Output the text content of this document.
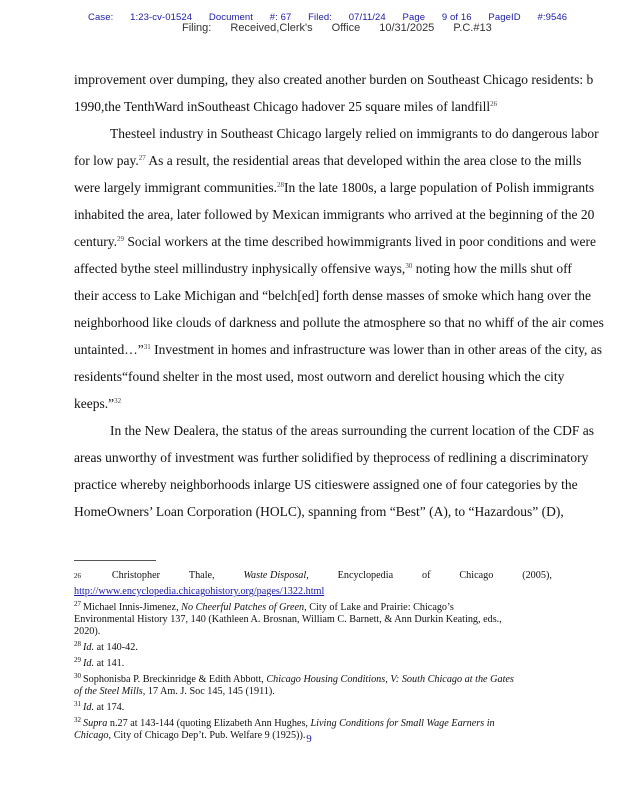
Case: 1:23-cv-01524 Document #: 67 Filed: 07/11/24 Page 9 of 16 PageID #:9546
Filing: Received,Clerk's Office 10/31/2025 P.C.#13
improvement over dumping, they also created another burden on Southeast Chicago residents: b
1990,the TenthWard inSoutheast Chicago hadover 25 square miles of landfill$^{26}$
Thesteel industry in Southeast Chicago largely relied on immigrants to do dangerous labor
for low pay.$^{27}$ As a result, the residential areas that developed within the area close to the mills
were largely immigrant communities.$^{28}$In the late 1800s, a large population of Polish immigrants
inhabited the area, later followed by Mexican immigrants who arrived at the beginning of the 20
century.$^{29}$ Social workers at the time described howimmigrants lived in poor conditions and were
affected bythe steel millindustry inphysically offensive ways,$^{30}$ noting how the mills shut off
their access to Lake Michigan and “belch[ed] forth dense masses of smoke which hang over the
neighborhood like clouds of darkness and pollute the atmosphere so that no whiff of the air comes
untainted…”$^{31}$ Investment in homes and infrastructure was lower than in other areas of the city, as
residents“found shelter in the most used, most outworn and derelict housing which the city
keeps.”$^{32}$
In the New Dealera, the status of the areas surrounding the current location of the CDF as
areas unworthy of investment was further solidified by theprocess of redlining a discriminatory
practice whereby neighborhoods inlarge US citieswere assigned one of four categories by the
HomeOwners’ Loan Corporation (HOLC), spanning from “Best” (A), to “Hazardous” (D),
$^{26}$	Christopher	Thale,	Waste Disposal,	Encyclopedia	of	Chicago	(2005),
http://www.encyclopedia.chicagohistory.org/pages/1322.html
$^{27}$ Michael Innis-Jimenez, No Cheerful Patches of Green, City of Lake and Prairie: Chicago’s
Environmental History 137, 140 (Kathleen A. Brosnan, William C. Barnett, & Ann Durkin Keating, eds.,
2020).
$^{28}$ Id. at 140-42.
$^{29}$ Id. at 141.
$^{30}$ Sophonisba P. Breckinridge & Edith Abbott, Chicago Housing Conditions, V: South Chicago at the Gates
of the Steel Mills, 17 Am. J. Soc 145, 145 (1911).
$^{31}$ Id. at 174.
$^{32}$ Supra n.27 at 143-144 (quoting Elizabeth Ann Hughes, Living Conditions for Small Wage Earners in
Chicago, City of Chicago Dep’t. Pub. Welfare 9 (1925)). 9
